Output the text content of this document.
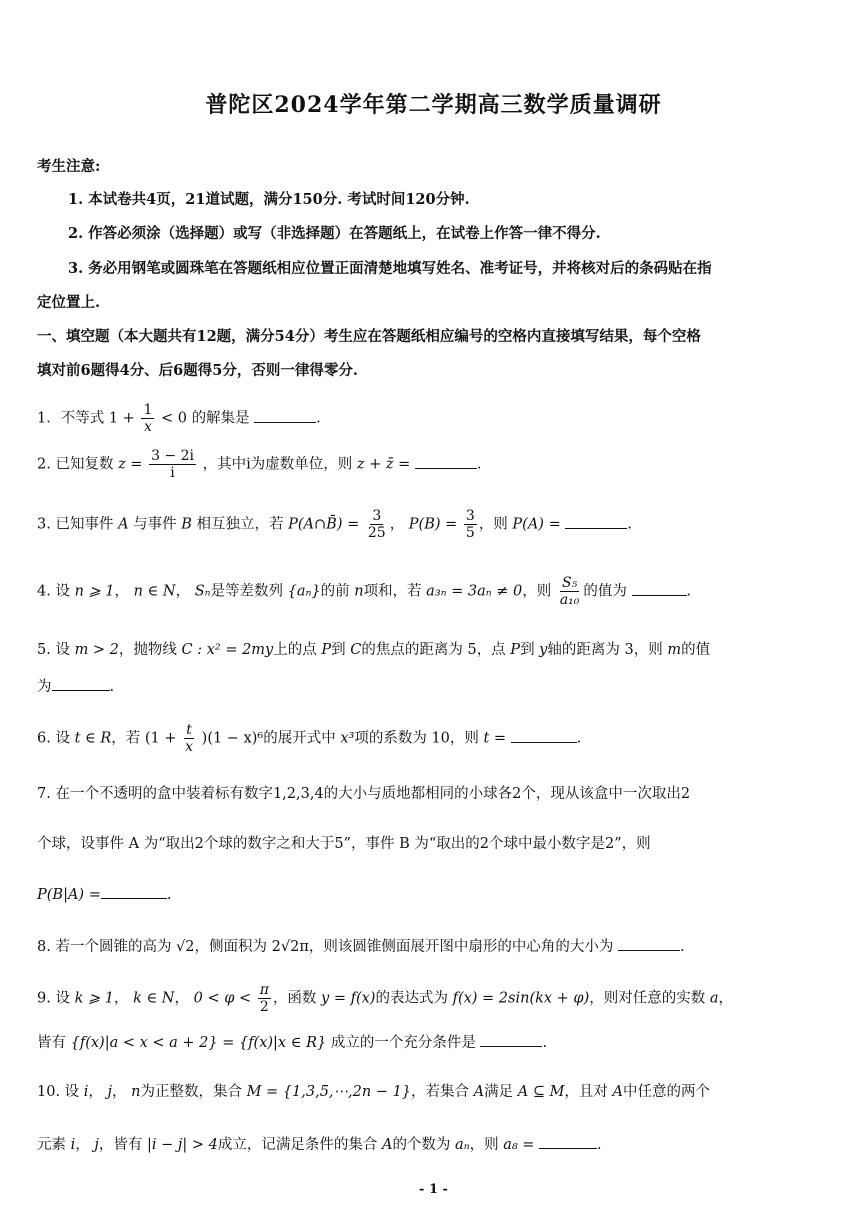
普陀区2024学年第二学期高三数学质量调研
考生注意:
1. 本试卷共4页，21道试题，满分150分. 考试时间120分钟.
2. 作答必须涂（选择题）或写（非选择题）在答题纸上，在试卷上作答一律不得分.
3. 务必用钢笔或圆珠笔在答题纸相应位置正面清楚地填写姓名、准考证号，并将核对后的条码贴在指
定位置上.
一、填空题（本大题共有12题，满分54分）考生应在答题纸相应编号的空格内直接填写结果，每个空格
填对前6题得4分、后6题得5分，否则一律得零分.
1．不等式 $1 + \frac{1}{x} < 0$ 的解集是	.
2. 已知复数 $z = \frac{3 - 2i}{i}$ ，其中i为虚数单位，则 z + z̄ =	.
3. 已知事件 A 与事件 B 相互独立，若 P(A∩B̄) = $\frac{3}{25}$ ， $P(B) = \frac{3}{5}$ ，则 P(A) =	.
4. 设 n ⩾ 1， n ∈ N， Sₙ是等差数列 {aₙ}的前 n项和，若 a₃ₙ = 3aₙ ≠ 0，则 $\frac{\text{S₅}}{\text{a₁₀}}$ 的值为	.
5. 设 m > 2，抛物线 C : x² = 2my上的点 P到 C的焦点的距离为 5，点 P到 y轴的距离为 3，则 m的值
为	.
6. 设 t ∈ R，若 $(1 + \frac{t}{x} )(1 - x)^6$的展开式中 x³项的系数为 10，则 t =	.
7. 在一个不透明的盒中装着标有数字1,2,3,4的大小与质地都相同的小球各2个，现从该盒中一次取出2
个球，设事件 A 为“取出2个球的数字之和大于5”，事件 B 为“取出的2个球中最小数字是2”，则
P(B|A) =	.
8. 若一个圆锥的高为 √2，侧面积为 2√2π，则该圆锥侧面展开图中扇形的中心角的大小为	.
9. 设 k ⩾ 1， k ∈ N， $0 < \varphi < \frac{\pi}{2}$ ，函数 y = f(x)的表达式为 f(x) = 2sin(kx + φ)，则对任意的实数 a，
皆有 {f(x)|a < x < a + 2} = {f(x)|x ∈ R} 成立的一个充分条件是	.
10. 设 i， j， n为正整数，集合 M = {1,3,5,⋯,2n − 1}，若集合 A满足 A ⊆ M，且对 A中任意的两个
元素 i， j，皆有 |i − j| > 4成立，记满足条件的集合 A的个数为 aₙ，则 a₈ =	.
- 1 -
